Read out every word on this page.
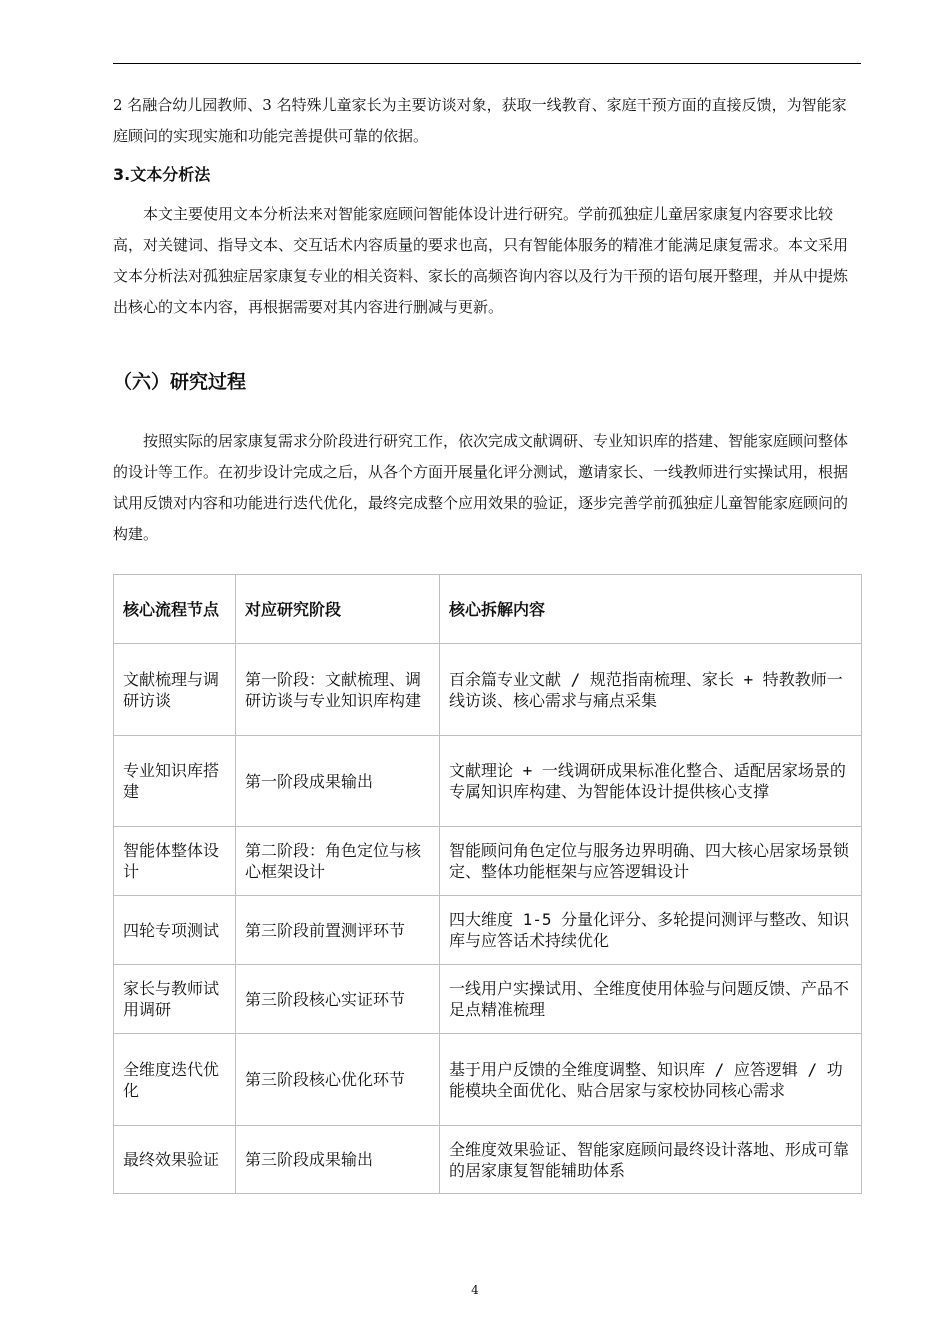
2 名融合幼儿园教师、3 名特殊儿童家长为主要访谈对象，获取一线教育、家庭干预方面的直接反馈，为智能家庭顾问的实现实施和功能完善提供可靠的依据。

3.文本分析法

本文主要使用文本分析法来对智能家庭顾问智能体设计进行研究。学前孤独症儿童居家康复内容要求比较高，对关键词、指导文本、交互话术内容质量的要求也高，只有智能体服务的精准才能满足康复需求。本文采用文本分析法对孤独症居家康复专业的相关资料、家长的高频咨询内容以及行为干预的语句展开整理，并从中提炼出核心的文本内容，再根据需要对其内容进行删减与更新。

（六）研究过程

按照实际的居家康复需求分阶段进行研究工作，依次完成文献调研、专业知识库的搭建、智能家庭顾问整体的设计等工作。在初步设计完成之后，从各个方面开展量化评分测试，邀请家长、一线教师进行实操试用，根据试用反馈对内容和功能进行迭代优化，最终完成整个应用效果的验证，逐步完善学前孤独症儿童智能家庭顾问的构建。

核心流程节点	对应研究阶段	核心拆解内容
文献梳理与调研访谈	第一阶段：文献梳理、调研访谈与专业知识库构建	百余篇专业文献 / 规范指南梳理、家长 + 特教教师一线访谈、核心需求与痛点采集
专业知识库搭建	第一阶段成果输出	文献理论 + 一线调研成果标准化整合、适配居家场景的专属知识库构建、为智能体设计提供核心支撑
智能体整体设计	第二阶段：角色定位与核心框架设计	智能顾问角色定位与服务边界明确、四大核心居家场景锁定、整体功能框架与应答逻辑设计
四轮专项测试	第三阶段前置测评环节	四大维度 1-5 分量化评分、多轮提问测评与整改、知识库与应答话术持续优化
家长与教师试用调研	第三阶段核心实证环节	一线用户实操试用、全维度使用体验与问题反馈、产品不足点精准梳理
全维度迭代优化	第三阶段核心优化环节	基于用户反馈的全维度调整、知识库 / 应答逻辑 / 功能模块全面优化、贴合居家与家校协同核心需求
最终效果验证	第三阶段成果输出	全维度效果验证、智能家庭顾问最终设计落地、形成可靠的居家康复智能辅助体系
4
